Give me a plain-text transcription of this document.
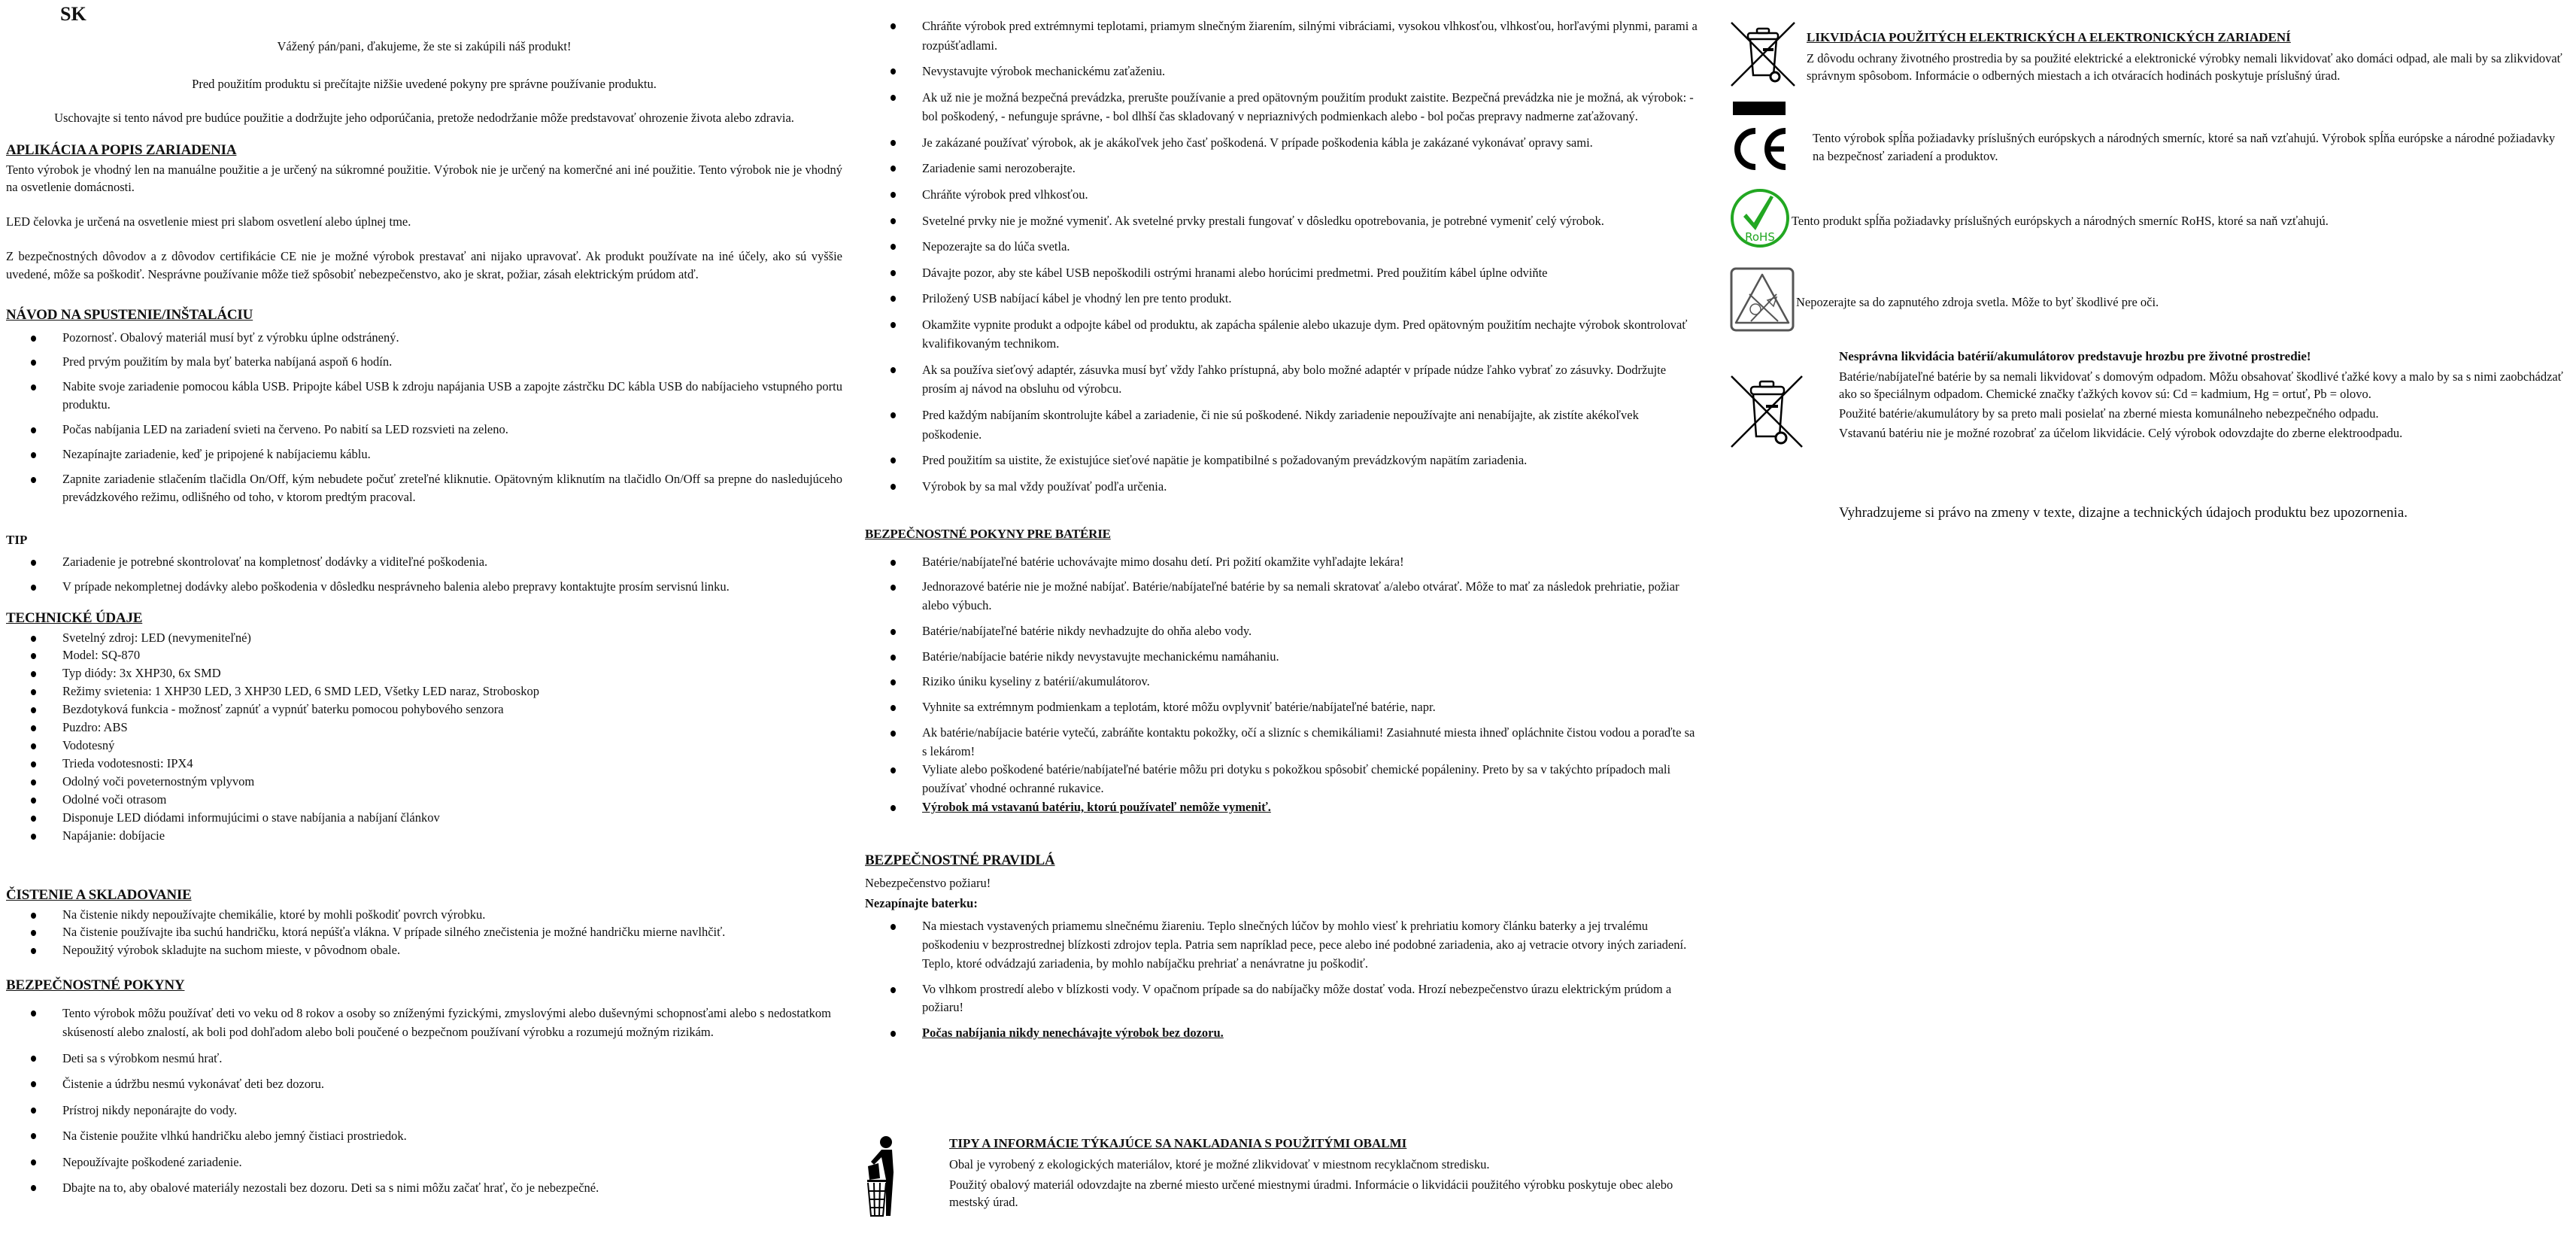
SK

Vážený pán/pani, ďakujeme, že ste si zakúpili náš produkt!

Pred použitím produktu si prečítajte nižšie uvedené pokyny pre správne používanie produktu.

Uschovajte si tento návod pre budúce použitie a dodržujte jeho odporúčania, pretože nedodržanie môže predstavovať ohrozenie života alebo zdravia.

APLIKÁCIA A POPIS ZARIADENIA

Tento výrobok je vhodný len na manuálne použitie a je určený na súkromné použitie. Výrobok nie je určený na komerčné ani iné použitie. Tento výrobok nie je vhodný na osvetlenie domácnosti.

LED čelovka je určená na osvetlenie miest pri slabom osvetlení alebo úplnej tme.

Z bezpečnostných dôvodov a z dôvodov certifikácie CE nie je možné výrobok prestavať ani nijako upravovať. Ak produkt používate na iné účely, ako sú vyššie uvedené, môže sa poškodiť. Nesprávne používanie môže tiež spôsobiť nebezpečenstvo, ako je skrat, požiar, zásah elektrickým prúdom atď.

NÁVOD NA SPUSTENIE/INŠTALÁCIU
Pozornosť. Obalový materiál musí byť z výrobku úplne odstránený.
Pred prvým použitím by mala byť baterka nabíjaná aspoň 6 hodín.
Nabite svoje zariadenie pomocou kábla USB. Pripojte kábel USB k zdroju napájania USB a zapojte zástrčku DC kábla USB do nabíjacieho vstupného portu produktu.
Počas nabíjania LED na zariadení svieti na červeno. Po nabití sa LED rozsvieti na zeleno.
Nezapínajte zariadenie, keď je pripojené k nabíjaciemu káblu.
Zapnite zariadenie stlačením tlačidla On/Off, kým nebudete počuť zreteľné kliknutie. Opätovným kliknutím na tlačidlo On/Off sa prepne do nasledujúceho prevádzkového režimu, odlišného od toho, v ktorom predtým pracoval.
TIP
Zariadenie je potrebné skontrolovať na kompletnosť dodávky a viditeľné poškodenia.
V prípade nekompletnej dodávky alebo poškodenia v dôsledku nesprávneho balenia alebo prepravy kontaktujte prosím servisnú linku.
TECHNICKÉ ÚDAJE
Svetelný zdroj: LED (nevymeniteľné)
Model: SQ-870
Typ diódy: 3x XHP30, 6x SMD
Režimy svietenia: 1 XHP30 LED, 3 XHP30 LED, 6 SMD LED, Všetky LED naraz, Stroboskop
Bezdotyková funkcia - možnosť zapnúť a vypnúť baterku pomocou pohybového senzora
Puzdro: ABS
Vodotesný
Trieda vodotesnosti: IPX4
Odolný voči poveternostným vplyvom
Odolné voči otrasom
Disponuje LED diódami informujúcimi o stave nabíjania a nabíjaní článkov
Napájanie: dobíjacie
ČISTENIE A SKLADOVANIE
Na čistenie nikdy nepoužívajte chemikálie, ktoré by mohli poškodiť povrch výrobku.
Na čistenie používajte iba suchú handričku, ktorá nepúšťa vlákna. V prípade silného znečistenia je možné handričku mierne navlhčiť.
Nepoužitý výrobok skladujte na suchom mieste, v pôvodnom obale.
BEZPEČNOSTNÉ POKYNY
Tento výrobok môžu používať deti vo veku od 8 rokov a osoby so zníženými fyzickými, zmyslovými alebo duševnými schopnosťami alebo s nedostatkom skúseností alebo znalostí, ak boli pod dohľadom alebo boli poučené o bezpečnom používaní výrobku a rozumejú možným rizikám.
Deti sa s výrobkom nesmú hrať.
Čistenie a údržbu nesmú vykonávať deti bez dozoru.
Prístroj nikdy neponárajte do vody.
Na čistenie použite vlhkú handričku alebo jemný čistiaci prostriedok.
Nepoužívajte poškodené zariadenie.
Dbajte na to, aby obalové materiály nezostali bez dozoru. Deti sa s nimi môžu začať hrať, čo je nebezpečné.
Chráňte výrobok pred extrémnymi teplotami, priamym slnečným žiarením, silnými vibráciami, vysokou vlhkosťou, vlhkosťou, horľavými plynmi, parami a rozpúšťadlami.
Nevystavujte výrobok mechanickému zaťaženiu.
Ak už nie je možná bezpečná prevádzka, prerušte používanie a pred opätovným použitím produkt zaistite. Bezpečná prevádzka nie je možná, ak výrobok: - bol poškodený, - nefunguje správne, - bol dlhší čas skladovaný v nepriaznivých podmienkach alebo - bol počas prepravy nadmerne zaťažovaný.
Je zakázané používať výrobok, ak je akákoľvek jeho časť poškodená. V prípade poškodenia kábla je zakázané vykonávať opravy sami.
Zariadenie sami nerozoberajte.
Chráňte výrobok pred vlhkosťou.
Svetelné prvky nie je možné vymeniť. Ak svetelné prvky prestali fungovať v dôsledku opotrebovania, je potrebné vymeniť celý výrobok.
Nepozerajte sa do lúča svetla.
Dávajte pozor, aby ste kábel USB nepoškodili ostrými hranami alebo horúcimi predmetmi. Pred použitím kábel úplne odviňte
Priložený USB nabíjací kábel je vhodný len pre tento produkt.
Okamžite vypnite produkt a odpojte kábel od produktu, ak zapácha spálenie alebo ukazuje dym. Pred opätovným použitím nechajte výrobok skontrolovať kvalifikovaným technikom.
Ak sa používa sieťový adaptér, zásuvka musí byť vždy ľahko prístupná, aby bolo možné adaptér v prípade núdze ľahko vybrať zo zásuvky. Dodržujte prosím aj návod na obsluhu od výrobcu.
Pred každým nabíjaním skontrolujte kábel a zariadenie, či nie sú poškodené. Nikdy zariadenie nepoužívajte ani nenabíjajte, ak zistíte akékoľvek poškodenie.
Pred použitím sa uistite, že existujúce sieťové napätie je kompatibilné s požadovaným prevádzkovým napätím zariadenia.
Výrobok by sa mal vždy používať podľa určenia.
BEZPEČNOSTNÉ POKYNY PRE BATÉRIE
Batérie/nabíjateľné batérie uchovávajte mimo dosahu detí. Pri požití okamžite vyhľadajte lekára!
Jednorazové batérie nie je možné nabíjať. Batérie/nabíjateľné batérie by sa nemali skratovať a/alebo otvárať. Môže to mať za následok prehriatie, požiar alebo výbuch.
Batérie/nabíjateľné batérie nikdy nevhadzujte do ohňa alebo vody.
Batérie/nabíjacie batérie nikdy nevystavujte mechanickému namáhaniu.
Riziko úniku kyseliny z batérií/akumulátorov.
Vyhnite sa extrémnym podmienkam a teplotám, ktoré môžu ovplyvniť batérie/nabíjateľné batérie, napr.
Ak batérie/nabíjacie batérie vytečú, zabráňte kontaktu pokožky, očí a slizníc s chemikáliami! Zasiahnuté miesta ihneď opláchnite čistou vodou a poraďte sa s lekárom!
Vyliate alebo poškodené batérie/nabíjateľné batérie môžu pri dotyku s pokožkou spôsobiť chemické popáleniny. Preto by sa v takýchto prípadoch mali používať vhodné ochranné rukavice.
Výrobok má vstavanú batériu, ktorú používateľ nemôže vymeniť.
BEZPEČNOSTNÉ PRAVIDLÁ

Nebezpečenstvo požiaru!

Nezapínajte baterku:

Na miestach vystavených priamemu slnečnému žiareniu. Teplo slnečných lúčov by mohlo viesť k prehriatiu komory článku baterky a jej trvalému poškodeniu v bezprostrednej blízkosti zdrojov tepla. Patria sem napríklad pece, pece alebo iné podobné zariadenia, ako aj vetracie otvory iných zariadení. Teplo, ktoré odvádzajú zariadenia, by mohlo nabíjačku prehriať a nenávratne ju poškodiť.
Vo vlhkom prostredí alebo v blízkosti vody. V opačnom prípade sa do nabíjačky môže dostať voda. Hrozí nebezpečenstvo úrazu elektrickým prúdom a požiaru!
Počas nabíjania nikdy nenechávajte výrobok bez dozoru.
TIPY A INFORMÁCIE TÝKAJÚCE SA NAKLADANIA S POUŽITÝMI OBALMI

Obal je vyrobený z ekologických materiálov, ktoré je možné zlikvidovať v miestnom recyklačnom stredisku.

Použitý obalový materiál odovzdajte na zberné miesto určené miestnymi úradmi. Informácie o likvidácii použitého výrobku poskytuje obec alebo mestský úrad.

LIKVIDÁCIA POUŽITÝCH ELEKTRICKÝCH A ELEKTRONICKÝCH ZARIADENÍ

Z dôvodu ochrany životného prostredia by sa použité elektrické a elektronické výrobky nemali likvidovať ako domáci odpad, ale mali by sa zlikvidovať správnym spôsobom. Informácie o odberných miestach a ich otváracích hodinách poskytuje príslušný úrad.

Tento výrobok spĺňa požiadavky príslušných európskych a národných smerníc, ktoré sa naň vzťahujú. Výrobok spĺňa európske a národné požiadavky na bezpečnosť zariadení a produktov.
RoHS
Tento produkt spĺňa požiadavky príslušných európskych a národných smerníc RoHS, ktoré sa naň vzťahujú.
Nepozerajte sa do zapnutého zdroja svetla. Môže to byť škodlivé pre oči.
Nesprávna likvidácia batérií/akumulátorov predstavuje hrozbu pre životné prostredie!

Batérie/nabíjateľné batérie by sa nemali likvidovať s domovým odpadom. Môžu obsahovať škodlivé ťažké kovy a malo by sa s nimi zaobchádzať ako so špeciálnym odpadom. Chemické značky ťažkých kovov sú: Cd = kadmium, Hg = ortuť, Pb = olovo.

Použité batérie/akumulátory by sa preto mali posielať na zberné miesta komunálneho nebezpečného odpadu.

Vstavanú batériu nie je možné rozobrať za účelom likvidácie. Celý výrobok odovzdajte do zberne elektroodpadu.

Vyhradzujeme si právo na zmeny v texte, dizajne a technických údajoch produktu bez upozornenia.
